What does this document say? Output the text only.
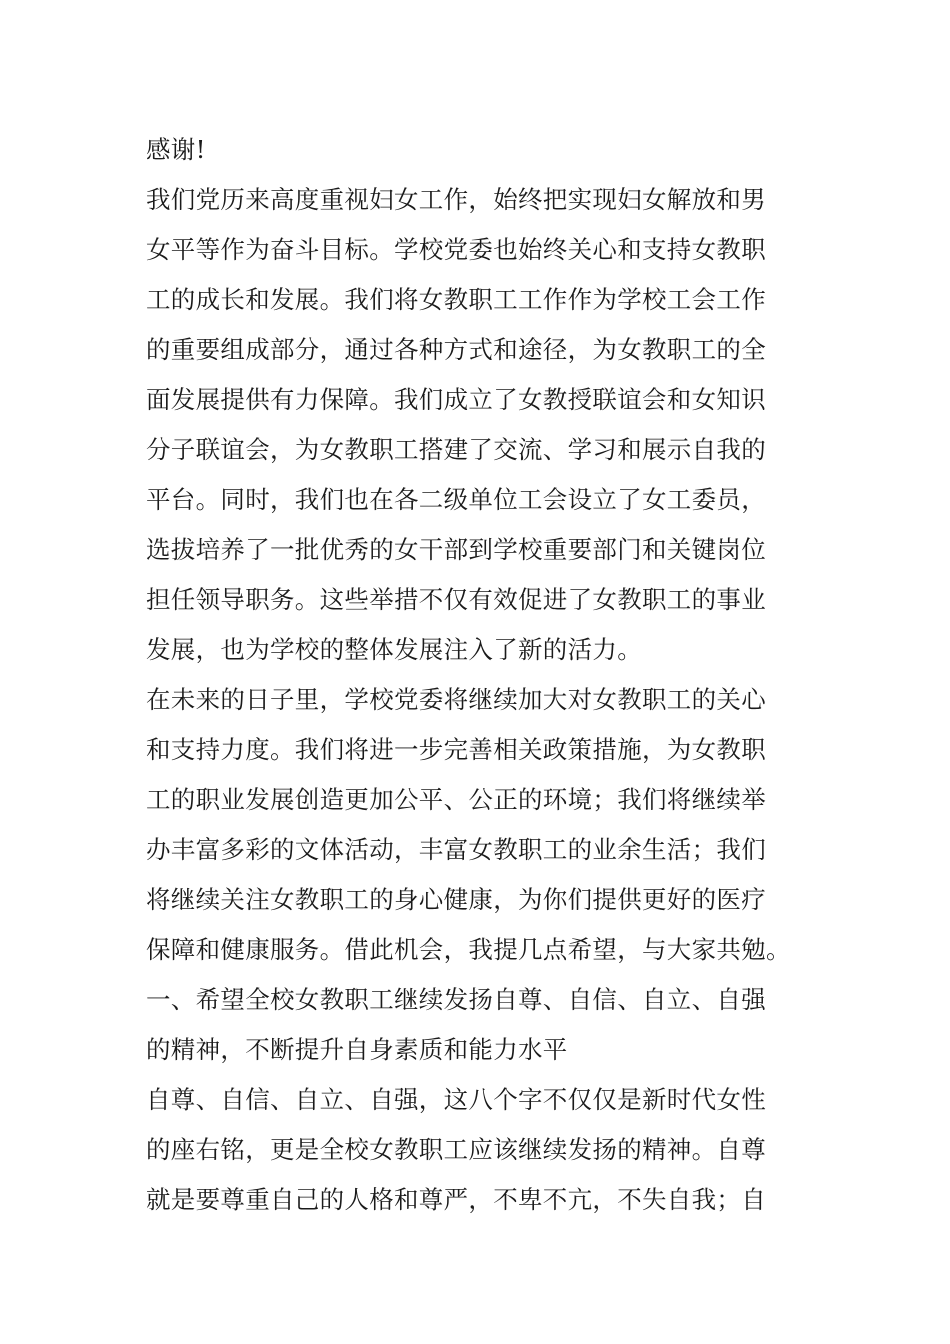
感谢!
我们党历来高度重视妇女工作，始终把实现妇女解放和男
女平等作为奋斗目标。学校党委也始终关心和支持女教职
工的成长和发展。我们将女教职工工作作为学校工会工作
的重要组成部分，通过各种方式和途径，为女教职工的全
面发展提供有力保障。我们成立了女教授联谊会和女知识
分子联谊会，为女教职工搭建了交流、学习和展示自我的
平台。同时，我们也在各二级单位工会设立了女工委员，
选拔培养了一批优秀的女干部到学校重要部门和关键岗位
担任领导职务。这些举措不仅有效促进了女教职工的事业
发展，也为学校的整体发展注入了新的活力。
在未来的日子里，学校党委将继续加大对女教职工的关心
和支持力度。我们将进一步完善相关政策措施，为女教职
工的职业发展创造更加公平、公正的环境；我们将继续举
办丰富多彩的文体活动，丰富女教职工的业余生活；我们
将继续关注女教职工的身心健康，为你们提供更好的医疗
保障和健康服务。借此机会，我提几点希望，与大家共勉。
一、希望全校女教职工继续发扬自尊、自信、自立、自强
的精神，不断提升自身素质和能力水平
自尊、自信、自立、自强，这八个字不仅仅是新时代女性
的座右铭，更是全校女教职工应该继续发扬的精神。自尊
就是要尊重自己的人格和尊严，不卑不亢，不失自我；自
